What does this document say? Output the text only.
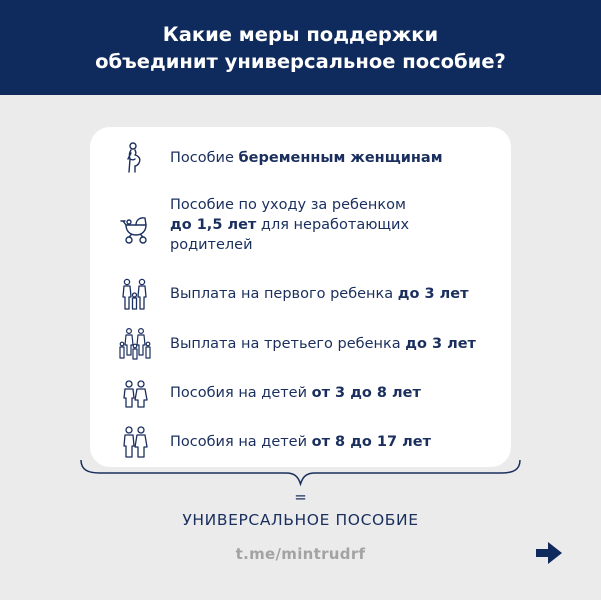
Какие меры поддержки
объединит универсальное пособие?
Пособие беременным женщинам
Пособие по уходу за ребенком
до 1,5 лет для неработающих родителей
Выплата на первого ребенка до 3 лет
Выплата на третьего ребенка до 3 лет
Пособия на детей от 3 до 8 лет
Пособия на детей от 8 до 17 лет
=
УНИВЕРСАЛЬНОЕ ПОСОБИЕ
t.me/mintrudrf
